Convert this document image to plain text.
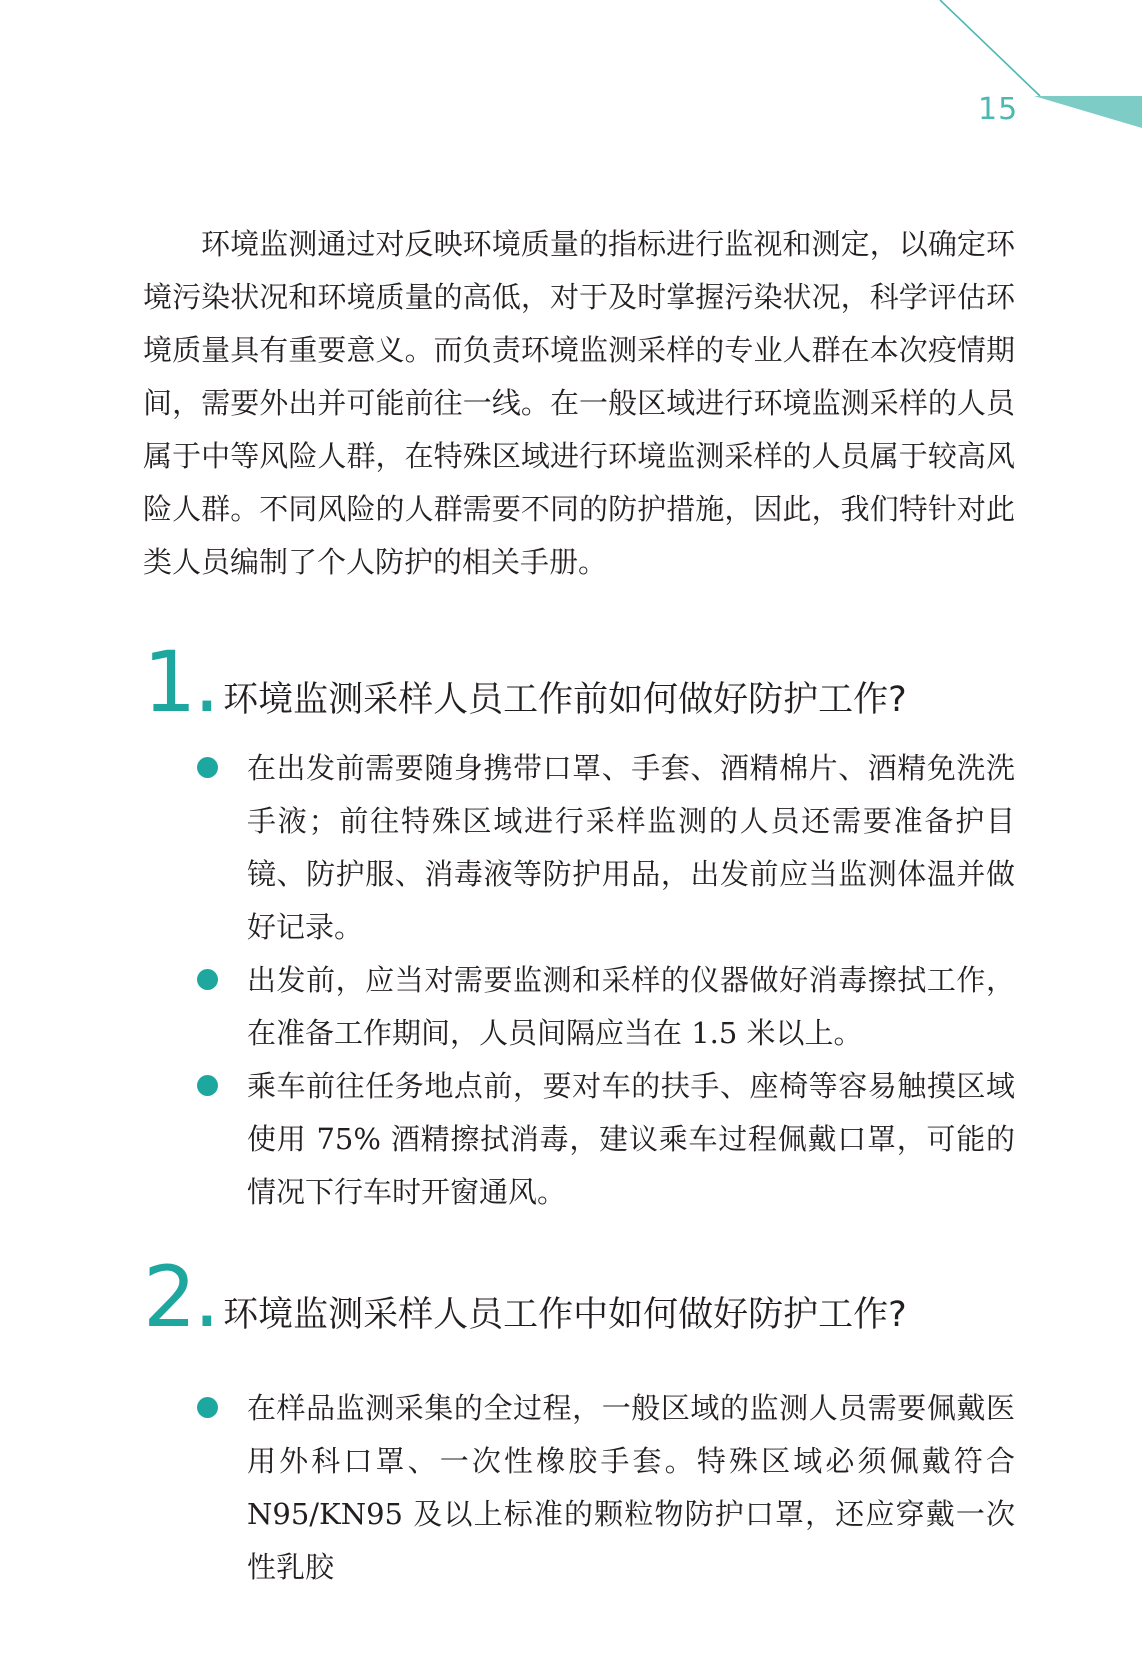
15

环境监测通过对反映环境质量的指标进行监视和测定，以确定环境污染状况和环境质量的高低，对于及时掌握污染状况，科学评估环境质量具有重要意义。而负责环境监测采样的专业人群在本次疫情期间，需要外出并可能前往一线。在一般区域进行环境监测采样的人员属于中等风险人群，在特殊区域进行环境监测采样的人员属于较高风险人群。不同风险的人群需要不同的防护措施，因此，我们特针对此类人员编制了个人防护的相关手册。

1. 环境监测采样人员工作前如何做好防护工作?
在出发前需要随身携带口罩、手套、酒精棉片、酒精免洗洗手液；前往特殊区域进行采样监测的人员还需要准备护目镜、防护服、消毒液等防护用品，出发前应当监测体温并做好记录。
出发前，应当对需要监测和采样的仪器做好消毒擦拭工作，在准备工作期间，人员间隔应当在 1.5 米以上。
乘车前往任务地点前，要对车的扶手、座椅等容易触摸区域使用 75% 酒精擦拭消毒，建议乘车过程佩戴口罩，可能的情况下行车时开窗通风。
2. 环境监测采样人员工作中如何做好防护工作?
在样品监测采集的全过程，一般区域的监测人员需要佩戴医用外科口罩、一次性橡胶手套。特殊区域必须佩戴符合 N95/KN95 及以上标准的颗粒物防护口罩，还应穿戴一次性乳胶
